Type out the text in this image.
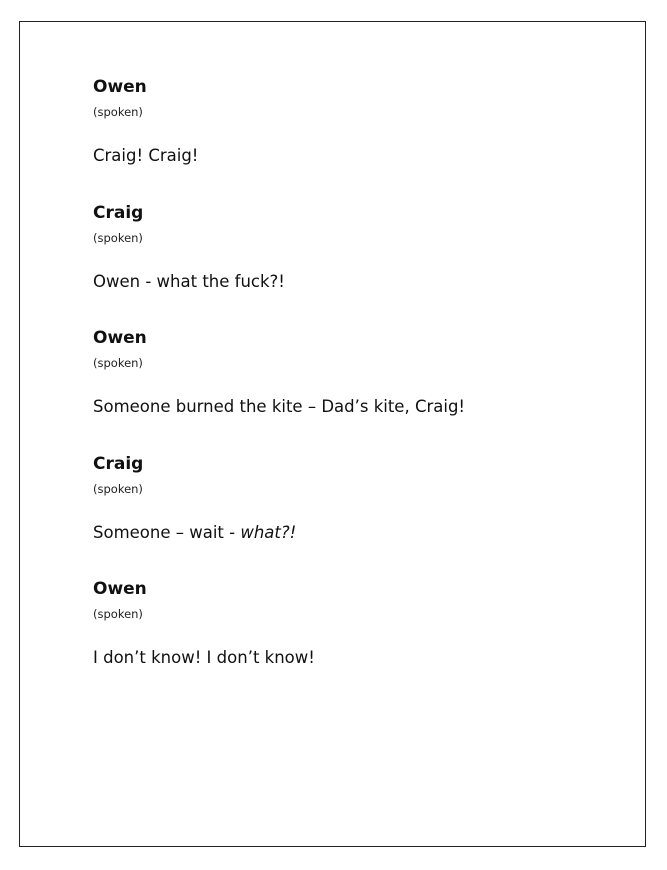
Owen
(spoken)
Craig! Craig!
Craig
(spoken)
Owen - what the fuck?!
Owen
(spoken)
Someone burned the kite – Dad’s kite, Craig!
Craig
(spoken)
Someone – wait - what?!
Owen
(spoken)
I don’t know! I don’t know!
